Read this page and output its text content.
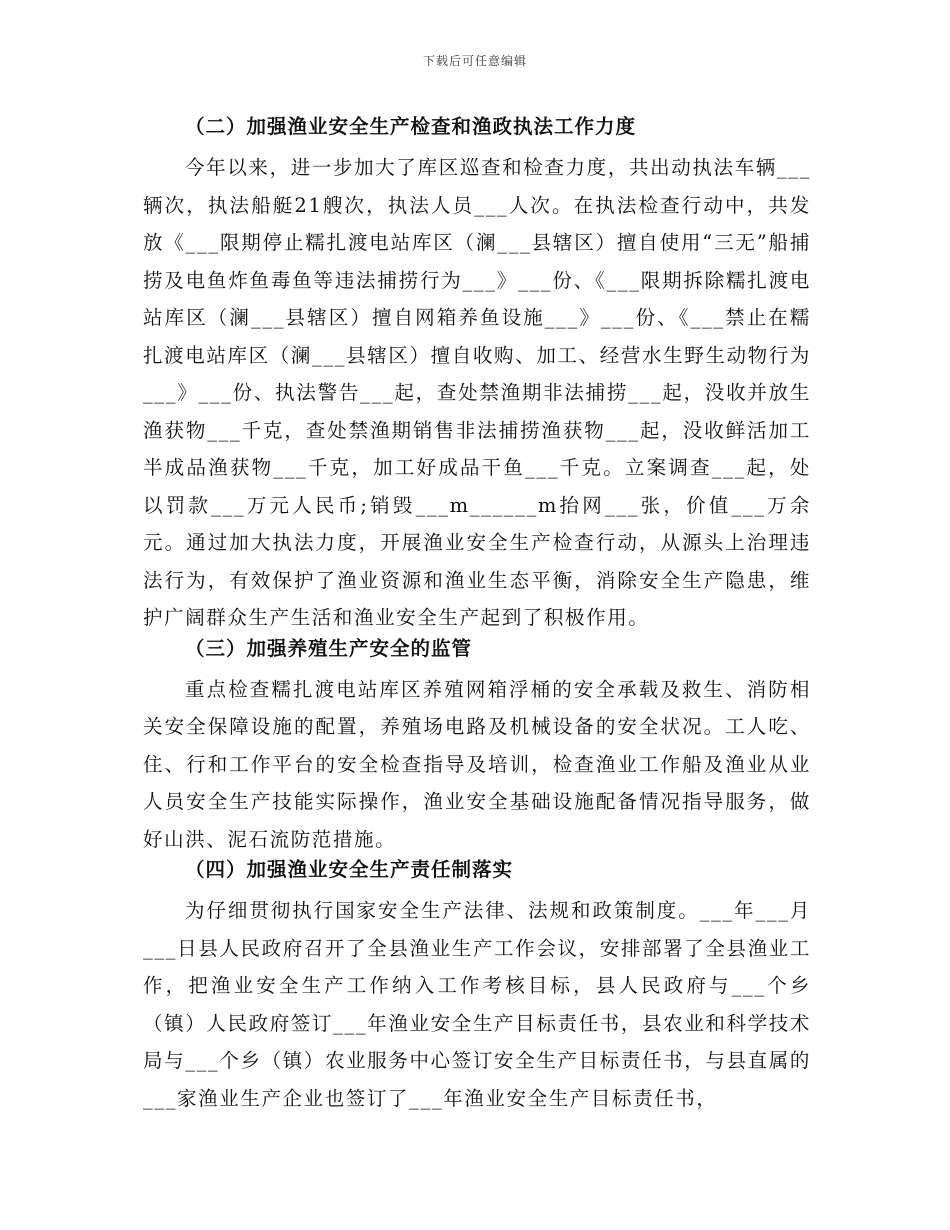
下载后可任意编辑
（二）加强渔业安全生产检查和渔政执法工作力度

今年以来，进一步加大了库区巡查和检查力度，共出动执法车辆___辆次，执法船艇21艘次，执法人员___人次。在执法检查行动中，共发放《___限期停止糯扎渡电站库区（澜___县辖区）擅自使用“三无”船捕捞及电鱼炸鱼毒鱼等违法捕捞行为___》___份、《___限期拆除糯扎渡电站库区（澜___县辖区）擅自网箱养鱼设施___》___份、《___禁止在糯扎渡电站库区（澜___县辖区）擅自收购、加工、经营水生野生动物行为___》___份、执法警告___起，查处禁渔期非法捕捞___起，没收并放生渔获物___千克，查处禁渔期销售非法捕捞渔获物___起，没收鲜活加工半成品渔获物___千克，加工好成品干鱼___千克。立案调查___起，处以罚款___万元人民币;销毁___m______m抬网___张，价值___万余元。通过加大执法力度，开展渔业安全生产检查行动，从源头上治理违法行为，有效保护了渔业资源和渔业生态平衡，消除安全生产隐患，维护广阔群众生产生活和渔业安全生产起到了积极作用。

（三）加强养殖生产安全的监管

重点检查糯扎渡电站库区养殖网箱浮桶的安全承载及救生、消防相关安全保障设施的配置，养殖场电路及机械设备的安全状况。工人吃、住、行和工作平台的安全检查指导及培训，检查渔业工作船及渔业从业人员安全生产技能实际操作，渔业安全基础设施配备情况指导服务，做好山洪、泥石流防范措施。

（四）加强渔业安全生产责任制落实

为仔细贯彻执行国家安全生产法律、法规和政策制度。___年___月___日县人民政府召开了全县渔业生产工作会议，安排部署了全县渔业工作，把渔业安全生产工作纳入工作考核目标，县人民政府与___个乡（镇）人民政府签订___年渔业安全生产目标责任书，县农业和科学技术局与___个乡（镇）农业服务中心签订安全生产目标责任书，与县直属的___家渔业生产企业也签订了___年渔业安全生产目标责任书，
